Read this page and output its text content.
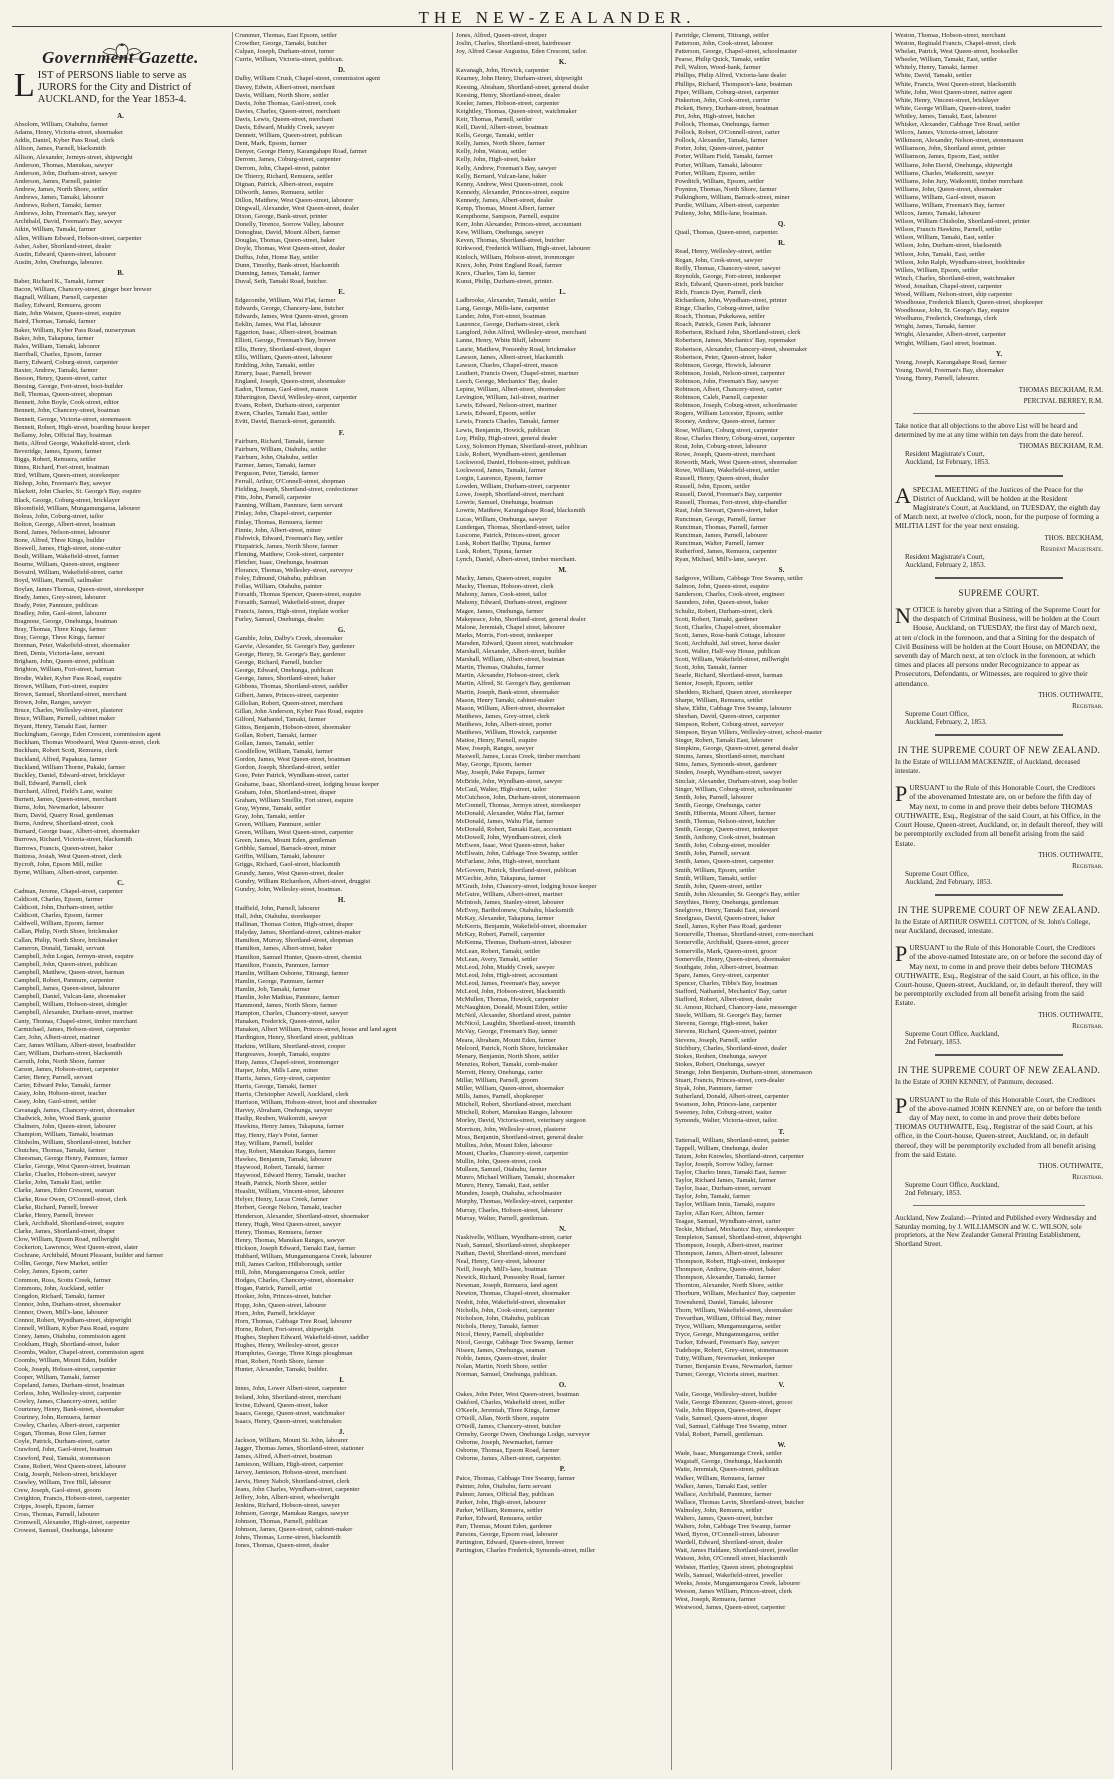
THE NEW-ZEALANDER.
Government Gazette.
L IST of PERSONS liable to serve as JURORS for the City and District of AUCKLAND, for the Year 1853-4.
A.
Absolom, William, Otahuhu, farmer
Adams, Henry, Victoria-street, shoemaker
Addis, Daniel, Kyber Pass Road, clerk
Allison, James, Parnell, blacksmith
Allison, Alexander, Jermyn-street, shipwright
Anderson, Thomas, Manukau, sawyer
Anderson, John, Durham-street, sawyer
Anderson, James, Parnell, painter
Andrew, James, North Shore, settler
Andrews, James, Tamaki, labourer
Andrews, Robert, Tamaki, farmer
Andrews, John, Freeman's Bay, sawyer
Archibald, David, Freeman's Bay, sawyer
Atkin, William, Tamaki, farmer
Allen, William Edward, Hobson-street, carpenter
Asher, Asher, Shortland-street, dealer
Austin, Edward, Queen-street, labourer
Austin, John, Onehunga, labourer.
B.
Baber, Richard K., Tamaki, farmer
Bacon, William, Chancery-street, ginger beer brewer
Bagnall, William, Parnell, carpenter
Bailey, Edward, Remuera, groom
Bain, John Watson, Queen-street, esquire
Baird, Thomas, Tamaki, farmer
Baker, William, Kyber Pass Road, nurseryman
Baker, John, Takapuna, farmer
Bales, William, Tamaki, labourer
Barriball, Charles, Epsom, farmer
Barry, Edward, Coburg-street, carpenter
Baxter, Andrew, Tamaki, farmer
Beeson, Henry, Queen-street, carter
Beesing, George, Fort-street, boot-builder
Bell, Thomas, Queen-street, shopman
Bennett, John Boyle, Cook-street, editor
Bennett, John, Chancery-street, boatman
Bennett, George, Victoria-street, stonemason
Bennett, Robert, High-street, boarding house keeper
Bellamy, John, Official Bay, boatman
Betts, Alfred George, Wakefield-street, clerk
Beveridge, James, Epsom, farmer
Biggs, Robert, Remuera, settler
Binns, Richard, Fort-street, boatman
Bird, William, Queen-street, storekeeper
Bishop, John, Freeman's Bay, sawyer
Blackett, John Charles, St. George's Bay, esquire
Black, George, Coburg-street, bricklayer
Bloomfield, William, Mungamungaroa, labourer
Boleus, John, Coburg-street, tailor
Bolton, George, Albert-street, boatman
Bond, James, Nelson-street, labourer
Bone, Alfred, Three Kings, builder
Boswell, James, High-street, stone-cutter
Boult, William, Wakefield-street, farmer
Bourne, William, Queen-street, engineer
Bovaird, William, Wakefield-street, carter
Boyd, William, Parnell, sailmaker
Boylan, James Thomas, Queen-street, storekeeper
Brady, James, Grey-street, labourer
Brady, Peter, Panmure, publican
Bradley, John, Gaol-street, labourer
Bragnone, George, Onehunga, boatman
Bray, Thomas, Three Kings, farmer
Bray, George, Three Kings, farmer
Brennan, Peter, Wakefield-street, shoemaker
Brett, Denis, Victoria-lane, servant
Brigham, John, Queen-street, publican
Brighton, William, Fort-street, barman
Brodie, Walter, Kyber Pass Road, esquire
Brown, William, Fort-street, esquire
Brown, Samuel, Shortland-street, merchant
Brown, John, Ranges, sawyer
Bruce, Charles, Wellesley-street, plasterer
Bruce, William, Parnell, cabinet maker
Bryant, Henry, Tamaki East, farmer
Buckingham, George, Eden Crescent, commission agent
Buckham, Thomas Woodward, West Queen-street, clerk
Buckham, Robert Scott, Remuera, clerk
Buckland, Alfred, Papakura, farmer
Buckland, William Thorne, Pukaki, farmer
Buckley, Daniel, Edward-street, bricklayer
Bull, Edward, Parnell, clerk
Burchard, Alfred, Field's Lane, waiter
Burnett, James, Queen-street, merchant
Burns, John, Newmarket, labourer
Burn, David, Quarry Road, gentleman
Burns, Andrew, Shortland-street, cook
Burnard, George Isaac, Albert-street, shoemaker
Burrows, Richard, Victoria-street, blacksmith
Burrows, Francis, Queen-street, baker
Buttress, Josiah, West Queen-street, clerk
Bycroft, John, Epsom Mill, miller
Byrne, William, Albert-street, carpenter.
C.
Cadman, Jerome, Chapel-street, carpenter
Caldicott, Charles, Epsom, farmer
Caldicott, John, Durham-street, settler
Caldicott, Charles, Epsom, farmer
Caldwell, William, Epsom, farmer
Callan, Philip, North Shore, brickmaker
Callan, Philip, North Shore, brickmaker
Cameron, Donald, Tamaki, servant
Campbell, John Logan, Jermyn-street, esquire
Campbell, John, Queen-street, publican
Campbell, Matthew, Queen-street, barman
Campbell, Robert, Panmure, carpenter
Campbell, James, Queen-street, labourer
Campbell, Daniel, Vulcan-lane, shoemaker
Campbell, William, Hobson-street, shingler
Campbell, Alexander, Durham-street, mariner
Canty, Thomas, Chapel-street, timber merchant
Carmichael, James, Hobson-street, carpenter
Carr, John, Albert-street, mariner
Carr, James William, Albert-street, boatbuilder
Carr, William, Durham-street, blacksmith
Carruth, John, North Shore, farmer
Carson, James, Hobson-street, carpenter
Carter, Henry, Parnell, servant
Carter, Edward Peke, Tamaki, farmer
Casey, John, Hobson-street, teacher
Casey, John, Gaol-street, settler
Cavanagh, James, Chancery-street, shoemaker
Chadwick, John, Wood Bank, grazier
Chalmers, John, Queen-street, labourer
Champion, William, Tamaki, boatman
Chisholm, William, Shortland-street, butcher
Chutches, Thomas, Tamaki, farmer
Cheesman, George Henry, Panmure, farmer
Clarke, George, West Queen-street, boatman
Clarke, Charles, Hobson-street, sawyer
Clarke, John, Tamaki East, settler
Clarke, James, Eden Crescent, seaman
Clarke, Rose Owen, O'Connell-street, clerk
Clarke, Richard, Parnell, brewer
Clarke, Henry, Parnell, brewer
Clark, Archibald, Shortland-street, esquire
Clarke, James, Shortland-street, draper
Clow, William, Epsom Road, millwright
Cockerton, Lawrence, West Queen-street, slater
Cochrane, Archibald, Mount Pleasant, builder and farmer
Collin, George, New Market, settler
Coley, James, Epsom, carter
Common, Ross, Scotts Creek, farmer
Commons, John, Auckland, settler
Congdon, Richard, Tamaki, farmer
Connor, John, Durham-street, shoemaker
Connor, Owen, Mill's-lane, labourer
Connor, Robert, Wyndham-street, shipwright
Connell, William, Kyber Pass Road, esquire
Coney, James, Otahuhu, commission agent
Cookham, Hugh, Shortland-street, baker
Coombs, Walter, Chapel-street, commission agent
Coombs, William, Mount Eden, builder
Cook, Joseph, Hobson-street, carpenter
Cooper, William, Tamaki, farmer
Copeland, James, Durham-street, boatman
Corless, John, Wellesley-street, carpenter
Cowley, James, Chancery-street, settler
Courteney, Henry, Bank-street, shoemaker
Courtney, John, Remuera, farmer
Cowley, Charles, Albert-street, carpenter
Cogan, Thomas, Rose Glen, farmer
Coyle, Patrick, Durham-street, carter
Crawford, John, Gaol-street, boatman
Crawford, Paul, Tamaki, stonemason
Crane, Robert, West Queen-street, labourer
Craig, Joseph, Nelson-street, bricklayer
Crawley, William, Tree Hill, labourer
Crew, Joseph, Gaol-street, groom
Creighton, Francis, Hobson-street, carpenter
Cripps, Joseph, Epsom, farmer
Cross, Thomas, Parnell, labourer
Cromwell, Alexander, High-street, carpenter
Crowest, Samuel, Onehunga, labourer
Crummer, Thomas, East Epsom, settler
Crowther, George, Tamaki, butcher
Culpan, Joseph, Durham-street, turner
Currie, William, Victoria-street, publican.
D.
Dalby, William Crush, Chapel-street, commission agent
Davey, Edwin, Albert-street, merchant
Davis, William, North Shore, settler
Davis, John Thomas, Gaol-street, cook
Davies, Charles, Queen-street, merchant
Davis, Lewis, Queen-street, merchant
Davis, Edward, Muddy Creek, sawyer
Dennett, William, Queen-street, publican
Dent, Mark, Epsom, farmer
Denyer, George Henry, Karangahape Road, farmer
Derrom, James, Coburg-street, carpenter
Derrom, John, Chapel-street, painter
De Thierry, Richard, Remuera, settler
Dignan, Patrick, Albert-street, esquire
Dilworth, James, Remuera, settler
Dillon, Matthew, West Queen-street, labourer
Dingwall, Alexander, West Queen-street, dealer
Dixon, George, Bank-street, printer
Donelly, Terence, Sorrow Valley, labourer
Donoghue, David, Mount Albert, farmer
Douglas, Thomas, Queen-street, baker
Doyle, Thomas, West Queen-street, dealer
Duffus, John, Home Bay, settler
Dunn, Timothy, Bank-street, blacksmith
Dunning, James, Tamaki, farmer
Duval, Seth, Tamaki Road, butcher.
E.
Edgecombe, William, Wai Flat, farmer
Edwards, George, Chancery-lane, butcher
Edwards, James, West Queen-street, groom
Eeklin, James, Wai Flat, labourer
Eggerton, Isaac, Albert-street, boatman
Elliott, George, Freeman's Bay, brewer
Ellis, Henry, Shortland-street, draper
Ellis, William, Queen-street, labourer
Embling, John, Tamaki, settler
Emery, Isaac, Parnell, brewer
England, Joseph, Queen-street, shoemaker
Eadon, Thomas, Gaol-street, mason
Etherington, David, Wellesley-street, carpenter
Evans, Robert, Durham-street, carpenter
Ewen, Charles, Tamaki East, settler
Evitt, David, Barrack-street, gunsmith.
F.
Fairburn, Richard, Tamaki, farmer
Fairburn, William, Otahuhu, settler
Fairburn, John, Otahuhu, settler
Farmer, James, Tamaki, farmer
Ferguson, Peter, Tamaki, farmer
Ferrall, Arthur, O'Connell-street, shopman
Fielding, Joseph, Shortland-street, confectioner
Fitts, John, Parnell, carpenter
Fanning, William, Panmure, farm servant
Finlay, John, Chapel-street, carpenter
Finlay, Thomas, Remuera, farmer
Finnie, John, Albert-street, miner
Fishwick, Edward, Freeman's Bay, settler
Fitzpatrick, James, North Shore, farmer
Fleming, Matthew, Cook-street, carpenter
Fletcher, Isaac, Onehunga, boatman
Florance, Thomas, Wellesley-street, surveyor
Foley, Edmund, Otahuhu, publican
Follas, William, Otahuhu, painter
Forsaith, Thomas Spencer, Queen-street, esquire
Forsaith, Samuel, Wakefield-street, draper
Francis, James, High-street, tinplate worker
Furley, Samuel, Onehunga, dealer.
G.
Gamble, John, Dalby's Creek, shoemaker
Garvie, Alexander, St. George's Bay, gardener
George, Henry, St. George's Bay, gardener
George, Richard, Parnell, butcher
George, Edward, Onehunga, publican
George, James, Shortland-street, baker
Gibbons, Thomas, Shortland-street, saddler
Gilbert, James, Princes-street, carpenter
Gillolian, Robert, Queen-street, merchant
Gillan, John Anderson, Kyber Pass Road, esquire
Gilford, Nathaniel, Tamaki, farmer
Gittos, Benjamin, Hobson-street, shoemaker
Gollan, Robert, Tamaki, farmer
Gollan, James, Tamaki, settler
Goodfellow, William, Tamaki, farmer
Gordon, James, West Queen-street, boatman
Gordon, Joseph, Shortland-street, settler
Gore, Peter Patrick, Wyndham-street, carter
Grahame, Isaac, Shortland-street, lodging house keeper
Graham, John, Shortland-street, draper
Graham, William Smellie, Fort street, esquire
Gray, Wynne, Tamaki, settler
Gray, John, Tamaki, settler
Green, William, Panmure, settler
Green, William, West Queen-street, carpenter
Green, James, Mount Eden, gentleman
Gribble, Samuel, Barrack-street, miner
Griffin, William, Tamaki, labourer
Griggs, Richard, Gaol-street, blacksmith
Grundy, James, West Queen-street, dealer
Gundry, William Richardson, Albert-street, druggist
Gundry, John, Wellesley-street, boatman.
H.
Hadfield, John, Parnell, labourer
Hall, John, Otahuhu, storekeeper
Hallinan, Thomas Cotton, High-street, draper
Halyday, James, Shortland-street, cabinet-maker
Hamilton, Murray, Shortland-street, shopman
Hamilton, James, Albert-street, baker
Hamilton, Samuel Hunter, Queen-street, chemist
Hamilton, Francis, Panmure, farmer
Hamlin, William Osborne, Titirangi, farmer
Hamlin, George, Panmure, farmer
Hamlin, Job, Tamaki, farmer
Hamlin, John Mathias, Panmure, farmer
Hammond, James, North Shore, farmer
Hampton, Charles, Chancery-street, sawyer
Hanaken, Frederick, Queen-street, tailor
Hanaken, Albert William, Princes-street, house and land agent
Hardington, Henry, Shortland street, publican
Harkins, William, Shortland-street, cooper
Hargreaves, Joseph, Tamaki, esquire
Harp, James, Chapel-street, ironmonger
Harper, John, Mills Lane, miner
Harris, James, Grey-street, carpenter
Harris, George, Tamaki, farmer
Harris, Christopher Atwell, Auckland, clerk
Harrison, William, Hobson-street, boot and shoemaker
Harvey, Abraham, Onehunga, sawyer
Haslip, Reuben, Waikomiti, sawyer
Hawkins, Henry James, Takapuna, farmer
Hay, Henry, Hay's Point, farmer
Hay, William, Parnell, builder
Hay, Robert, Manukau Ranges, farmer
Hawkes, Benjamin, Tamaki, labourer
Haywood, Robert, Tamaki, farmer
Haywood, Edward Henry, Tamaki, teacher
Heath, Patrick, North Shore, settler
Heaslitt, William, Vincent-street, labourer
Helyer, Henry, Lucas Creek, farmer
Herbert, George Nelson, Tamaki, teacher
Henderson, Alexander, Shortland-street, shoemaker
Henry, Hugh, West Queen-street, sawyer
Henry, Thomas, Remuera, farmer
Henry, Thomas, Manukau Ranges, sawyer
Hickson, Joseph Edward, Tamaki East, farmer
Hubbard, William, Mungamungaroa Creek, labourer
Hill, James Carlton, Hillsborough, settler
Hill, John, Mungamungaroa Creek, settler
Hodges, Charles, Chancery-street, shoemaker
Hogan, Patrick, Parnell, artist
Hooker, John, Princes-street, butcher
Hopp, John, Queen-street, labourer
Horn, John, Parnell, bricklayer
Horn, Thomas, Cabbage Tree Road, labourer
Horne, Robert, Fort-street, shipwright
Hughes, Stephen Edward, Wakefield-street, saddler
Hughes, Henry, Wellesley-street, grocer
Humphries, George, Three Kings ploughman
Huet, Robert, North Shore, farmer
Hunter, Alexander, Tamaki, builder.
I.
Innes, John, Lower Albert-street, carpenter
Ireland, John, Shortland-street, merchant
Irvine, Edward, Queen-street, baker
Isaacs, George, Queen-street, watchmaker
Isaacs, Henry, Queen-street, watchmaker.
J.
Jackson, William, Mount St. John, labourer
Jagger, Thomas James, Shortland-street, stationer
James, Alfred, Albert-street, boatman
Jamieson, William, High-street, carpenter
Jarvey, Jamieson, Hobson-street, merchant
Jarvis, Henry Nabob, Shortland-street, clerk
Jeans, John Charles, Wyndham-street, carpenter
Jeffery, John, Albert-street, wheelwright
Jenkins, Richard, Hobson-street, sawyer
Johnson, George, Manukau Ranges, sawyer
Johnson, Thomas, Parnell, publican
Johnson, James, Queen-street, cabinet-maker
Johns, Thomas, Lorne-street, blacksmith
Jones, Thomas, Queen-street, dealer
Jones, Alfred, Queen-street, draper
Joslin, Charles, Shortland-street, hairdresser
Joy, Alfred Cæsar Augustus, Eden Crescent, tailor.
K.
Kavanagh, John, Howick, carpenter
Kearney, John Henry, Durham-street, shipwright
Keesing, Abraham, Shortland-street, general dealer
Keesing, Henry, Shortland-street, dealer
Keeler, James, Hobson-street, carpenter
Keightley, Thomas, Queen-street, watchmaker
Keir, Thomas, Parnell, settler
Kell, David, Albert-street, boatman
Kells, George, Tamaki, settler
Kelly, James, North Shore, farmer
Kelly, John, Wairau, settler
Kelly, John, High-street, baker
Kelly, Andrew, Freeman's Bay, sawyer
Kelly, Bernard, Vulcan-lane, baker
Kenny, Andrew, West Queen-street, cook
Kennedy, Alexander, Princes-street, esquire
Kennedy, James, Albert-street, dealer
Kemp, Thomas, Mount Albert, farmer
Kempthorne, Sampson, Parnell, esquire
Kerr, John Alexander, Princes-street, accountant
Kew, William, Onehunga, sawyer
Keven, Thomas, Shortland-street, butcher
Kirkwood, Frederick William, High-street, labourer
Kinloch, William, Hobson-street, ironmonger
Knox, John, Point England Road, farmer
Knox, Charles, Tam ki, farmer
Kunst, Philip, Durham-street, printer.
L.
Ladbrooke, Alexander, Tamaki, settler
Lang, George, Mills-lane, carpenter
Lander, John, Fort-street, boatman
Laurence, George, Durham-street, clerk
Langford, John Alfred, Wellesley-street, merchant
Lanne, Henry, White Bluff, labourer
Laurie, Matthew, Ponsonby Road, brickmaker
Lawson, James, Albert-street, blacksmith
Lawson, Charles, Chapel-street, mason
Leathert, Francis Owen, Chapel-street, mariner
Leech, George, Mechanics' Bay, dealer
Lepine, William, Albert-street, shoemaker
Levington, William, Jail-street, mariner
Lewis, Edward, Nelson-street, mariner
Lewis, Edward, Epsom, settler
Lewis, Francis Charles, Tamaki, farmer
Lewis, Benjamin, Howick, publican
Loy, Philip, High-street, general dealer
Loxy, Solomon Hyman, Shortland-street, publican
Lisle, Robert, Wyndham-street, gentleman
Lockwood, Daniel, Hobson-street, publican
Lockwood, James, Tamaki, farmer
Lorgin, Laurence, Epsom, farmer
Lowden, William, Durham-street, carpenter
Lowe, Joseph, Shortland-street, merchant
Lowrie, Samuel, Onehunga, boatman
Lowrie, Matthew, Karangahape Road, blacksmith
Lucas, William, Onehunga, sawyer
Lundergan, Thomas, Shortland-street, tailor
Luscome, Patrick, Princes-street, grocer
Lusk, Robert Baillie, Tipuna, farmer
Lusk, Robert, Tipuna, farmer
Lynch, Daniel, Albert-street, timber merchant.
M.
Macky, James, Queen-street, esquire
Macky, Thomas, Hobson-street, clerk
Mahony, James, Cook-street, tailor
Mahony, Edward, Durham-street, engineer
Magee, James, Onehunga, farmer
Makepeace, John, Shortland-street, general dealer
Malone, Jeremiah, Chapel street, labourer
Marks, Morris, Fort-street, innkeeper
Marsden, Edward, Queen street, watchmaker
Marshall, Alexander, Albert-street, builder
Marshall, William, Albert-street, boatman
Martin, Thomas, Otahuhu, farmer
Martin, Alexander, Hobson-street, clerk
Martin, Alfred, St. George's Bay, gentleman
Martin, Joseph, Bank-street, shoemaker
Mason, Henry Tamaki, cabinet-maker
Mason, William, Albert-street, shoemaker
Matthews, James, Grey-street, clerk
Matthews, John, Albert-street, porter
Matthews, William, Howick, carpenter
Mattoe, Henry, Parnell, esquire
Maw, Joseph, Ranges, sawyer
Maxwell, James, Lucas Creek, timber merchant
May, George, Epsom, farmer
May, Joseph, Pake Papaps, farmer
McBride, John, Wyndham-street, sawyer
McCaul, Walter, High-street, tailor
McCutcheon, John, Durham-street, stonemason
McConnell, Thomas, Jermyn street, storekeeper
McDonald, Alexander, Wahu Flat, farmer
McDonald, James, Wahu Flat, farmer
McDonald, Robert, Tamaki East, accountant
McDowell, John, Wyndham-street, clerk
McEwen, Isaac, West Queen-street, baker
McElwain, John, Cabbage Tree Swamp, settler
McFarlane, John, High-street, merchant
McGovern, Patrick, Shortland-street, publican
M'Gechie, John, Takapuna, farmer
M'Grath, John, Chancery-street, lodging house keeper
McGuire, William, Albert-street, mariner
McIntosh, James, Stanley-street, labourer
McEvoy, Bartholomew, Otahuhu, blacksmith
McKay, Alexander, Takapuna, farmer
McKerris, Benjamin, Wakefield-street, shoemaker
McKay, Robert, Parnell, carpenter
McKenna, Thomas, Durham-street, labourer
McLean, Robert, Tamaki, settler
McLean, Avery, Tamaki, settler
McLeod, John, Muddy Creek, sawyer
McLeod, John, High-street, accountant
McLeod, James, Freeman's Bay, sawyer
McLeod, John, Hobson-street, blacksmith
McMullen, Thomas, Howick, carpenter
McNaughton, Donald, Mount Eden, settler
McNeil, Alexander, Shortland street, painter
McNicol, Laughlin, Shortland-street, tinsmith
McVay, George, Freeman's Bay, tanner
Meara, Abraham, Mount Eden, farmer
Melcord, Patrick, North Shore, brickmaker
Menary, Benjamin, North Shore, settler
Menzies, Robert, Tamaki, comb-maker
Merrett, Henry, Onehunga, carter
Millar, William, Parnell, groom
Miller, William, Queen-street, shoemaker
Mills, James, Parnell, shopkeeper
Mitchell, Robert, Shortland-street, merchant
Mitchell, Robert, Manukau Ranges, labourer
Morley, David, Victoria-street, veterinary surgeon
Morrison, John, Wellesley-street, plasterer
Moss, Benjamin, Shortland-street, general dealer
Mullins, John, Mount Eden, labourer
Mount, Charles, Chancery-street, carpenter
Mullin, John, Queen-street, cook
Mulleen, Samuel, Otahuhu, farmer
Munro, Michael William, Tamaki, shoemaker
Munro, Henry, Tamaki, East, settler
Munden, Joseph, Otahuhu, schoolmaster
Murphy, Thomas, Wellesley-street, carpenter
Murray, Charles, Hobson-street, labourer
Murray, Walter, Parnell, gentleman.
N.
Naskivelle, William, Wyndham-street, carter
Nash, Samuel, Shortland-street, shopkeeper
Nathan, David, Shortland-street, merchant
Neal, Henry, Grey-street, labourer
Neill, Joseph, Mill's-lane, boatman
Newick, Richard, Ponsonby Road, farmer
Newman, Joseph, Remuera, land agent
Newton, Thomas, Chapel-street, shoemaker
Nesbit, John, Wakefield-street, shoemaker
Nicholls, John, Cook-street, carpenter
Nicholson, John, Otahuhu, publican
Nichols, Henry, Tamaki, farmer
Nicol, Henry, Parnell, shipbuilder
Nicol, George, Cabbage Tree Swamp, farmer
Nissen, James, Onehunga, seaman
Noble, James, Queen-street, dealer
Nolan, Martin, North Shore, settler
Norman, Samuel, Onehunga, publican.
O.
Oakes, John Peter, West Queen-street, boatman
Oakford, Charles, Wakefield street, miller
O'Keefe, Jeremiah, Three Kings, farmer
O'Neill, Allan, North Shore, esquire
O'Neill, James, Chancery-street, butcher
Ormsby, George Owen, Onehunga Lodge, surveyor
Osborne, Joseph, Newmarket, farmer
Osborne, Thomas, Epsom Road, farmer
Osborne, James, Albert-street, carpenter.
P.
Paice, Thomas, Cabbage Tree Swamp, farmer
Painter, John, Otahuhu, farm servant
Palmer, James, Official Bay, publican
Parker, John, High-street, labourer
Parker, William, Remuera, settler
Parker, Edward, Remuera, settler
Parr, Thomas, Mount Eden, gardener
Parsons, George, Epsom road, labourer
Partington, Edward, Queen-street, brewer
Partington, Charles Frederick, Symonds-street, miller
Partridge, Clement, Titirangi, settler
Patterson, John, Cook-street, labourer
Patterson, George, Chapel-street, schoolmaster
Pearse, Philip Quick, Tamaki, settler
Pell, Walton, Wood-bank, farmer
Phillips, Philip Alfred, Victoria-lane dealer
Phillips, Richard, Thompson's-lane, boatman
Piper, William, Coburg-street, carpenter
Pinkerton, John, Cook-street, currier
Pickett, Henry, Durham-street, boatman
Pirt, John, High-street, butcher
Pollock, Thomas, Onehunga, farmer
Pollock, Robert, O'Connell-street, carter
Pollock, Alexander, Tamaki, farmer
Porter, John, Queen-street, painter
Porter, William Field, Tamaki, farmer
Porter, William, Tamaki, labourer
Porter, William, Epsom, settler
Powditch, William, Epsom, settler
Poynton, Thomas, North Shore, farmer
Pulkinghorn, William, Barrack-street, miner
Purdie, William, Albert-street, carpenter
Pulteny, John, Mills-lane, boatman.
Q.
Quail, Thomas, Queen-street, carpenter.
R.
Read, Henry, Wellesley-street, settler
Regan, John, Cook-street, sawyer
Reilly, Thomas, Chancery-street, sawyer
Reynolds, George, Fort-street, innkeeper
Rich, Edward, Queen-street, pork butcher
Rich, Francis Dyer, Parnell, clerk
Richardson, John, Wyndham-street, printer
Ringe, Charles, Coburg-street, tailor
Roach, Thomas, Pukekawa, settler
Roach, Patrick, Green Park, labourer
Robertson, Richard John, Shortland-street, clerk
Robertson, James, Mechanics' Bay, ropemaker
Robertson, Alexander, Chancery-street, shoemaker
Robertson, Peter, Queen-street, baker
Robinson, George, Howick, labourer
Robinson, Josiah, Nelson-street, carpenter
Robinson, John, Freeman's Bay, sawyer
Robinson, Albert, Chancery-street, carter
Robinson, Caleb, Parnell, carpenter
Robinson, Joseph, Coburg-street, schoolmaster
Rogers, William Leicester, Epsom, settler
Rooney, Andrew, Queen-street, farmer
Rose, William, Coburg street, carpenter
Rose, Charles Henry, Coburg-street, carpenter
Rout, John, Coburg-street, labourer
Rowe, Joseph, Queen-street, merchant
Roworth, Mark, West Queen-street, shoemaker
Rowe, William, Wakefield-street, settler
Russell, Henry, Queen-street, dealer
Russell, John, Epsom, settler
Russell, David, Freeman's Bay, carpenter
Russell, Thomas, Fort-street, ship-chandler
Rust, John Stewart, Queen-street, baker
Runciman, George, Parnell, farmer
Runciman, Thomas, Parnell, farmer
Runciman, James, Parnell, labourer
Runciman, Walter, Parnell, farmer
Rutherford, James, Remuera, carpenter
Ryan, Michael, Mill's-lane, sawyer.
S.
Sadgrove, William, Cabbage Tree Swamp, settler
Salmon, John, Queen-street, esquire
Sanderson, Charles, Cook-street, engineer
Saunders, John, Queen-street, baker
Schultz, Robert, Durham-street, clerk
Scott, Robert, Tamaki, gardener
Scott, Charles, Chapel-street, shoemaker
Scott, James, Rose-bank Cottage, labourer
Scott, Archibald, Jail street, horse dealer
Scott, Walter, Half-way House, publican
Scott, William, Wakefield-street, millwright
Scott, John, Tamaki, farmer
Searle, Richard, Shortland-street, barman
Senior, Joseph, Epsom, settler
Shedders, Richard, Queen street, storekeeper
Sharpe, William, Remuera, settler
Shaw, Eldin, Cabbage Tree Swamp, labourer
Sheehan, David, Queen-street, carpenter
Simpson, Robert, Coburg-street, surveyor
Simpson, Bryan Villiers, Wellesley-street, school-master
Singer, Robert, Tamaki East, labourer
Simpkins, George, Queen-street, general dealer
Simms, James, Shortland-street, merchant
Sims, James, Symonds-street, gardener
Sinden, Joseph, Wyndham-street, sawyer
Sinclair, Alexander, Durham-street, soap boiler
Singer, William, Coburg-street, schoolmaster
Smith, John, Parnell, labourer
Smith, George, Onehunga, carter
Smith, Hibernia, Mount Albert, farmer
Smith, Thomas, Nelson-street, butcher
Smith, George, Queen-street, innkeeper
Smith, Anthony, Cook-street, boatman
Smith, John, Coburg-street, moulder
Smith, John, Parnell, servant
Smith, James, Queen-street, carpenter
Smith, William, Epsom, settler
Smith, William, Tamaki, settler
Smith, John, Queen-street, settler
Smith, John Alexander, St. George's Bay, settler
Smythies, Henry, Onehunga, gentleman
Snelgrove, Henry, Tamaki East, steward
Snodgrass, David, Queen-street, baker
Snell, James, Kyber Pass Road, gardener
Somerville, Thomas, Shortland-street, corn-merchant
Somerville, Archibald, Queen-street, grocer
Somerville, Mark, Queen-street, grocer
Somerville, Henry, Queen-street, shoemaker
Southgate, John, Albert-street, boatman
Spare, James, Grey-street, carpenter
Spencer, Charles, Tibbs's Bay, boatman
Stafford, Nathaniel, Mechanics' Bay, carter
Stafford, Robert, Albert-street, dealer
St. Amour, Richard, Chancery-lane, messenger
Steele, William, St. George's Bay, farmer
Stevens, George, High-street, baker
Stevens, Richard, Queen-street, painter
Stevens, Joseph, Parnell, settler
Stichbury, Charles, Shortland-street, dealer
Stokes, Reuben, Onehunga, sawyer
Stokes, Robert, Onehunga, sawyer
Strange, John Benjamin, Durham-street, stonemason
Stuart, Francis, Princes-street, corn-dealer
Styak, John, Panmure, farmer
Sutherland, Donald, Albert-street, carpenter
Swanson, John, Princes-lane, carpenter
Sweeney, John, Coburg-street, waiter
Symonds, Walter, Victoria-street, tailor.
T.
Tattersall, William, Shortland-street, painter
Tappell, William, Onehunga, dealer
Tatum, John Knowles, Shortland-street, carpenter
Taylor, Joseph, Sorrow Valley, farmer
Taylor, Charles Innes, Tamaki East, farmer
Taylor, Richard James, Tamaki, farmer
Taylor, Isaac, Durham-street, servant
Taylor, John, Tamaki, farmer
Taylor, William Innis, Tamaki, esquire
Taylor, Allan Kerr, Albion, farmer
Teague, Samuel, Wyndham-street, carter
Teckie, Michael, Mechanics' Bay, storekeeper
Templeton, Samuel, Shortland-street, shipwright
Thompson, Joseph, Albert-street, mariner
Thompson, James, Albert-street, labourer
Thompson, Robert, High-street, innkeeper
Thompson, Andrew, Queen-street, baker
Thompson, Alexander, Tamaki, farmer
Thornton, Alexander, North Shore, settler
Thorburn, William, Mechanics' Bay, carpenter
Townshend, Daniel, Tamaki, labourer
Thorn, William, Wakefield-street, shoemaker
Trevarthan, William, Official Bay, miner
Tryce, William, Mungamungaroa, settler
Tryce, George, Mungamungaroa, settler
Tucker, Edward, Freeman's Bay, sawyer
Tudehope, Robert, Grey-street, stonemason
Tutty, William, Newmarket, innkeeper
Turner, Benjamin Evans, Newmarket, farmer
Turner, George, Victoria street, mariner.
V.
Vaile, George, Wellesley-street, builder
Vaile, George Ebenezer, Queen-street, grocer
Vaile, John Rippon, Queen-street, draper
Vaile, Samuel, Queen-street, draper
Vail, Samuel, Cabbage Tree Swamp, miner
Vidal, Robert, Parnell, gentleman.
W.
Wade, Isaac, Mungamunga Creek, settler
Wagstaff, George, Onehunga, blacksmith
Waite, Jeremiah, Queen-street, publican
Walker, William, Remuera, farmer
Walker, James, Tamaki East, settler
Wallace, Archibald, Panmure, farmer
Wallace, Thomas Lavin, Shortland-street, butcher
Walmsley, John, Remuera, settler
Walters, James, Queen-street, butcher
Walters, John, Cabbage Tree Swamp, farmer
Ward, Byron, O'Connell-street, labourer
Wardell, Edward, Shortland-street, dealer
Watt, James Haldane, Shortland-street, jeweller
Watson, John, O'Connell street, blacksmith
Webster, Hartley, Queen street, photographist
Wells, Samuel, Wakefield-street, jeweller
Weeks, Jessie, Mungamungaroa Creek, labourer
Weeson, James William, Princes-street, clerk
West, Joseph, Remuera, farmer
Westwood, James, Queen-street, carpenter
Weston, Thomas, Hobson-street, merchant
Weston, Reginald Francis, Chapel-street, clerk
Whelan, Patrick, West Queen-street, bookseller
Wheeler, William, Tamaki, East, settler
Whitely, Henry, Tamaki, farmer
White, David, Tamaki, settler
White, Francis, West Queen-street, blacksmith
White, John, West Queen-street, native agent
White, Henry, Vincent-street, bricklayer
White, George William, Queen-street, trader
Whitley, James, Tamaki, East, labourer
Whisker, Alexander, Cabbage Tree Road, settler
Wilcox, James, Victoria-street, labourer
Wilkinson, Alexander, Nelson-street, stonemason
Williamson, John, Shortland street, printer
Williamson, James, Epsom, East, settler
Williams, John David, Onehunga, shipwright
Williams, Charles, Waikomiti, sawyer
Williams, John Jury, Waikomiti, timber merchant
Williams, John, Queen-street, shoemaker
Williams, William, Gaol-street, mason
Williams, William, Freeman's Bay, farmer
Wilcox, James, Tamaki, labourer
Wilson, William Chisholm, Shortland-street, printer
Wilson, Francis Hawkins, Parnell, settler
Wilson, William, Tamaki, East, settler
Wilson, John, Durham-street, blacksmith
Wilson, John, Tamaki, East, settler
Wilson, John Ralph, Wyndham-street, bookbinder
Willets, William, Epsom, settler
Winch, Charles, Shortland-street, watchmaker
Wood, Jonathan, Chapel-street, carpenter
Wood, William, Nelson-street, ship carpenter
Woodhouse, Frederick Blanch, Queen-street, shopkeeper
Woodhouse, John, St. George's Bay, esquire
Woolhams, Frederick, Onehunga, clerk
Wright, James, Tamaki, farmer
Wright, Alexander, Albert-street, carpenter
Wright, William, Gaol street, boatman.
Y.
Young, Joseph, Karangahape Road, farmer
Young, David, Freeman's Bay, shoemaker
Young, Henry, Parnell, labourer.
THOMAS BECKHAM, R.M.
PERCIVAL BERREY, R.M.
Take notice that all objections to the above List will be heard and determined by me at any time within ten days from the date hereof.
THOMAS BECKHAM, R.M.
Resident Magistrate's Court,
Auckland, 1st February, 1853.
A SPECIAL MEETING of the Justices of the Peace for the District of Auckland, will be holden at the Resident Magistrate's Court, at Auckland, on TUESDAY, the eighth day of March next, at twelve o'clock, noon, for the purpose of forming a MILITIA LIST for the year next ensuing.
THOS. BECKHAM,
Resident Magistrate.
Resident Magistrate's Court,
Auckland, February 2, 1853.
SUPREME COURT.
N OTICE is hereby given that a Sitting of the Supreme Court for the despatch of Criminal Business, will be holden at the Court House, Auckland, on TUESDAY, the first day of March next, at ten o'clock in the forenoon, and that a Sitting for the despatch of Civil Business will be holden at the Court House, on MONDAY, the seventh day of March next, at ten o'clock in the forenoon, at which times and places all persons under Recognizance to appear as Prosecutors, Defendants, or Witnesses, are required to give their attendance.
THOS. OUTHWAITE,
Registrar.
Supreme Court Office,
Auckland, February, 2, 1853.
IN THE SUPREME COURT OF NEW ZEALAND.
In the Estate of WILLIAM MACKENZIE, of Auckland, deceased intestate.
P URSUANT to the Rule of this Honorable Court, the Creditors of the abovenamed Intestate are, on or before the fifth day of May next, to come in and prove their debts before THOMAS OUTHWAITE, Esq., Registrar of the said Court, at his Office, in the Court House, Queen-street, Auckland, or, in default thereof, they will be peremptorily excluded from all benefit arising from the said Estate.
THOS. OUTHWAITE,
Registrar.
Supreme Court Office,
Auckland, 2nd February, 1853.
IN THE SUPREME COURT OF NEW ZEALAND.
In the Estate of ARTHUR OSWELL COTTON, of St. John's College, near Auckland, deceased, intestate.
P URSUANT to the Rule of this Honorable Court, the Creditors of the above-named Intestate are, on or before the second day of May next, to come in and prove their debts before THOMAS OUTHWAITE, Esq., Registrar of the said Court, at his office, in the Court-house, Queen-street, Auckland, or, in default thereof, they will be peremptorily excluded from all benefit arising from the said Estate.
THOS. OUTHWAITE,
Registrar.
Supreme Court Office, Auckland,
2nd February, 1853.
IN THE SUPREME COURT OF NEW ZEALAND.
In the Estate of JOHN KENNEY, of Panmure, deceased.
P URSUANT to the Rule of this Honorable Court, the Creditors of the above-named JOHN KENNEY are, on or before the tenth day of May next, to come in and prove their debts before THOMAS OUTHWAITE, Esq., Registrar of the said Court, at his office, in the Court-house, Queen-street, Auckland, or, in default thereof, they will be peremptorily excluded from all benefit arising from the said Estate.
THOS. OUTHWAITE,
Registrar.
Supreme Court Office, Auckland,
2nd February, 1853.
Auckland, New Zealand:—Printed and Published every Wednesday and Saturday morning, by J. WILLIAMSON and W. C. WILSON, sole proprietors, at the New Zealander General Printing Establishment, Shortland Street.
